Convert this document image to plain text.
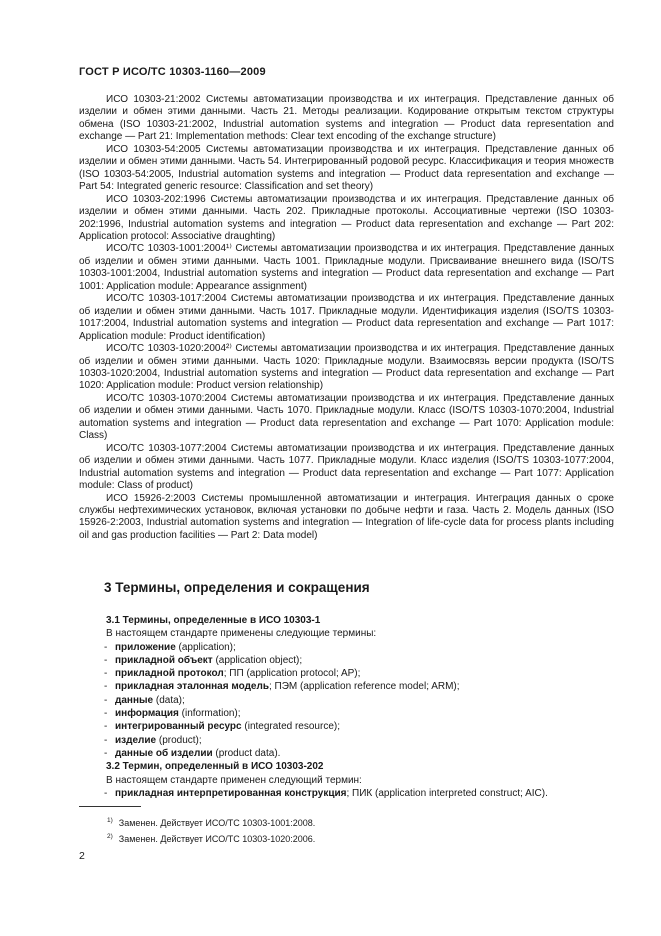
ГОСТ Р ИСО/ТС 10303-1160—2009

ИСО 10303-21:2002 Системы автоматизации производства и их интеграция. Представление данных об изделии и обмен этими данными. Часть 21. Методы реализации. Кодирование открытым текстом структуры обмена (ISO 10303-21:2002, Industrial automation systems and integration — Product data representation and exchange — Part 21: Implementation methods: Clear text encoding of the exchange structure)

ИСО 10303-54:2005 Системы автоматизации производства и их интеграция. Представление данных об изделии и обмен этими данными. Часть 54. Интегрированный родовой ресурс. Классификация и теория множеств (ISO 10303-54:2005, Industrial automation systems and integration — Product data representation and exchange — Part 54: Integrated generic resource: Classification and set theory)

ИСО 10303-202:1996 Системы автоматизации производства и их интеграция. Представление данных об изделии и обмен этими данными. Часть 202. Прикладные протоколы. Ассоциативные чертежи (ISO 10303-202:1996, Industrial automation systems and integration — Product data representation and exchange — Part 202: Application protocol: Associative draughting)

ИСО/ТС 10303-1001:2004¹⁾ Системы автоматизации производства и их интеграция. Представление данных об изделии и обмен этими данными. Часть 1001. Прикладные модули. Присваивание внешнего вида (ISO/TS 10303-1001:2004, Industrial automation systems and integration — Product data representation and exchange — Part 1001: Application module: Appearance assignment)

ИСО/ТС 10303-1017:2004 Системы автоматизации производства и их интеграция. Представление данных об изделии и обмен этими данными. Часть 1017. Прикладные модули. Идентификация изделия (ISO/TS 10303-1017:2004, Industrial automation systems and integration — Product data representation and exchange — Part 1017: Application module: Product identification)

ИСО/ТС 10303-1020:2004²⁾ Системы автоматизации производства и их интеграция. Представление данных об изделии и обмен этими данными. Часть 1020: Прикладные модули. Взаимосвязь версии продукта (ISO/TS 10303-1020:2004, Industrial automation systems and integration — Product data representation and exchange — Part 1020: Application module: Product version relationship)

ИСО/ТС 10303-1070:2004 Системы автоматизации производства и их интеграция. Представление данных об изделии и обмен этими данными. Часть 1070. Прикладные модули. Класс (ISO/TS 10303-1070:2004, Industrial automation systems and integration — Product data representation and exchange — Part 1070: Application module: Class)

ИСО/ТС 10303-1077:2004 Системы автоматизации производства и их интеграция. Представление данных об изделии и обмен этими данными. Часть 1077. Прикладные модули. Класс изделия (ISO/TS 10303-1077:2004, Industrial automation systems and integration — Product data representation and exchange — Part 1077: Application module: Class of product)

ИСО 15926-2:2003 Системы промышленной автоматизации и интеграция. Интеграция данных о сроке службы нефтехимических установок, включая установки по добыче нефти и газа. Часть 2. Модель данных (ISO 15926-2:2003, Industrial automation systems and integration — Integration of life-cycle data for process plants including oil and gas production facilities — Part 2: Data model)

3 Термины, определения и сокращения

3.1 Термины, определенные в ИСО 10303-1

В настоящем стандарте применены следующие термины:

- приложение (application);
- прикладной объект (application object);
- прикладной протокол; ПП (application protocol; AP);
- прикладная эталонная модель; ПЭМ (application reference model; ARM);
- данные (data);
- информация (information);
- интегрированный ресурс (integrated resource);
- изделие (product);
- данные об изделии (product data).

3.2 Термин, определенный в ИСО 10303-202

В настоящем стандарте применен следующий термин:

- прикладная интерпретированная конструкция; ПИК (application interpreted construct; AIC).
$^{1)}$ Заменен. Действует ИСО/ТС 10303-1001:2008.
$^{2)}$ Заменен. Действует ИСО/ТС 10303-1020:2006.
2
